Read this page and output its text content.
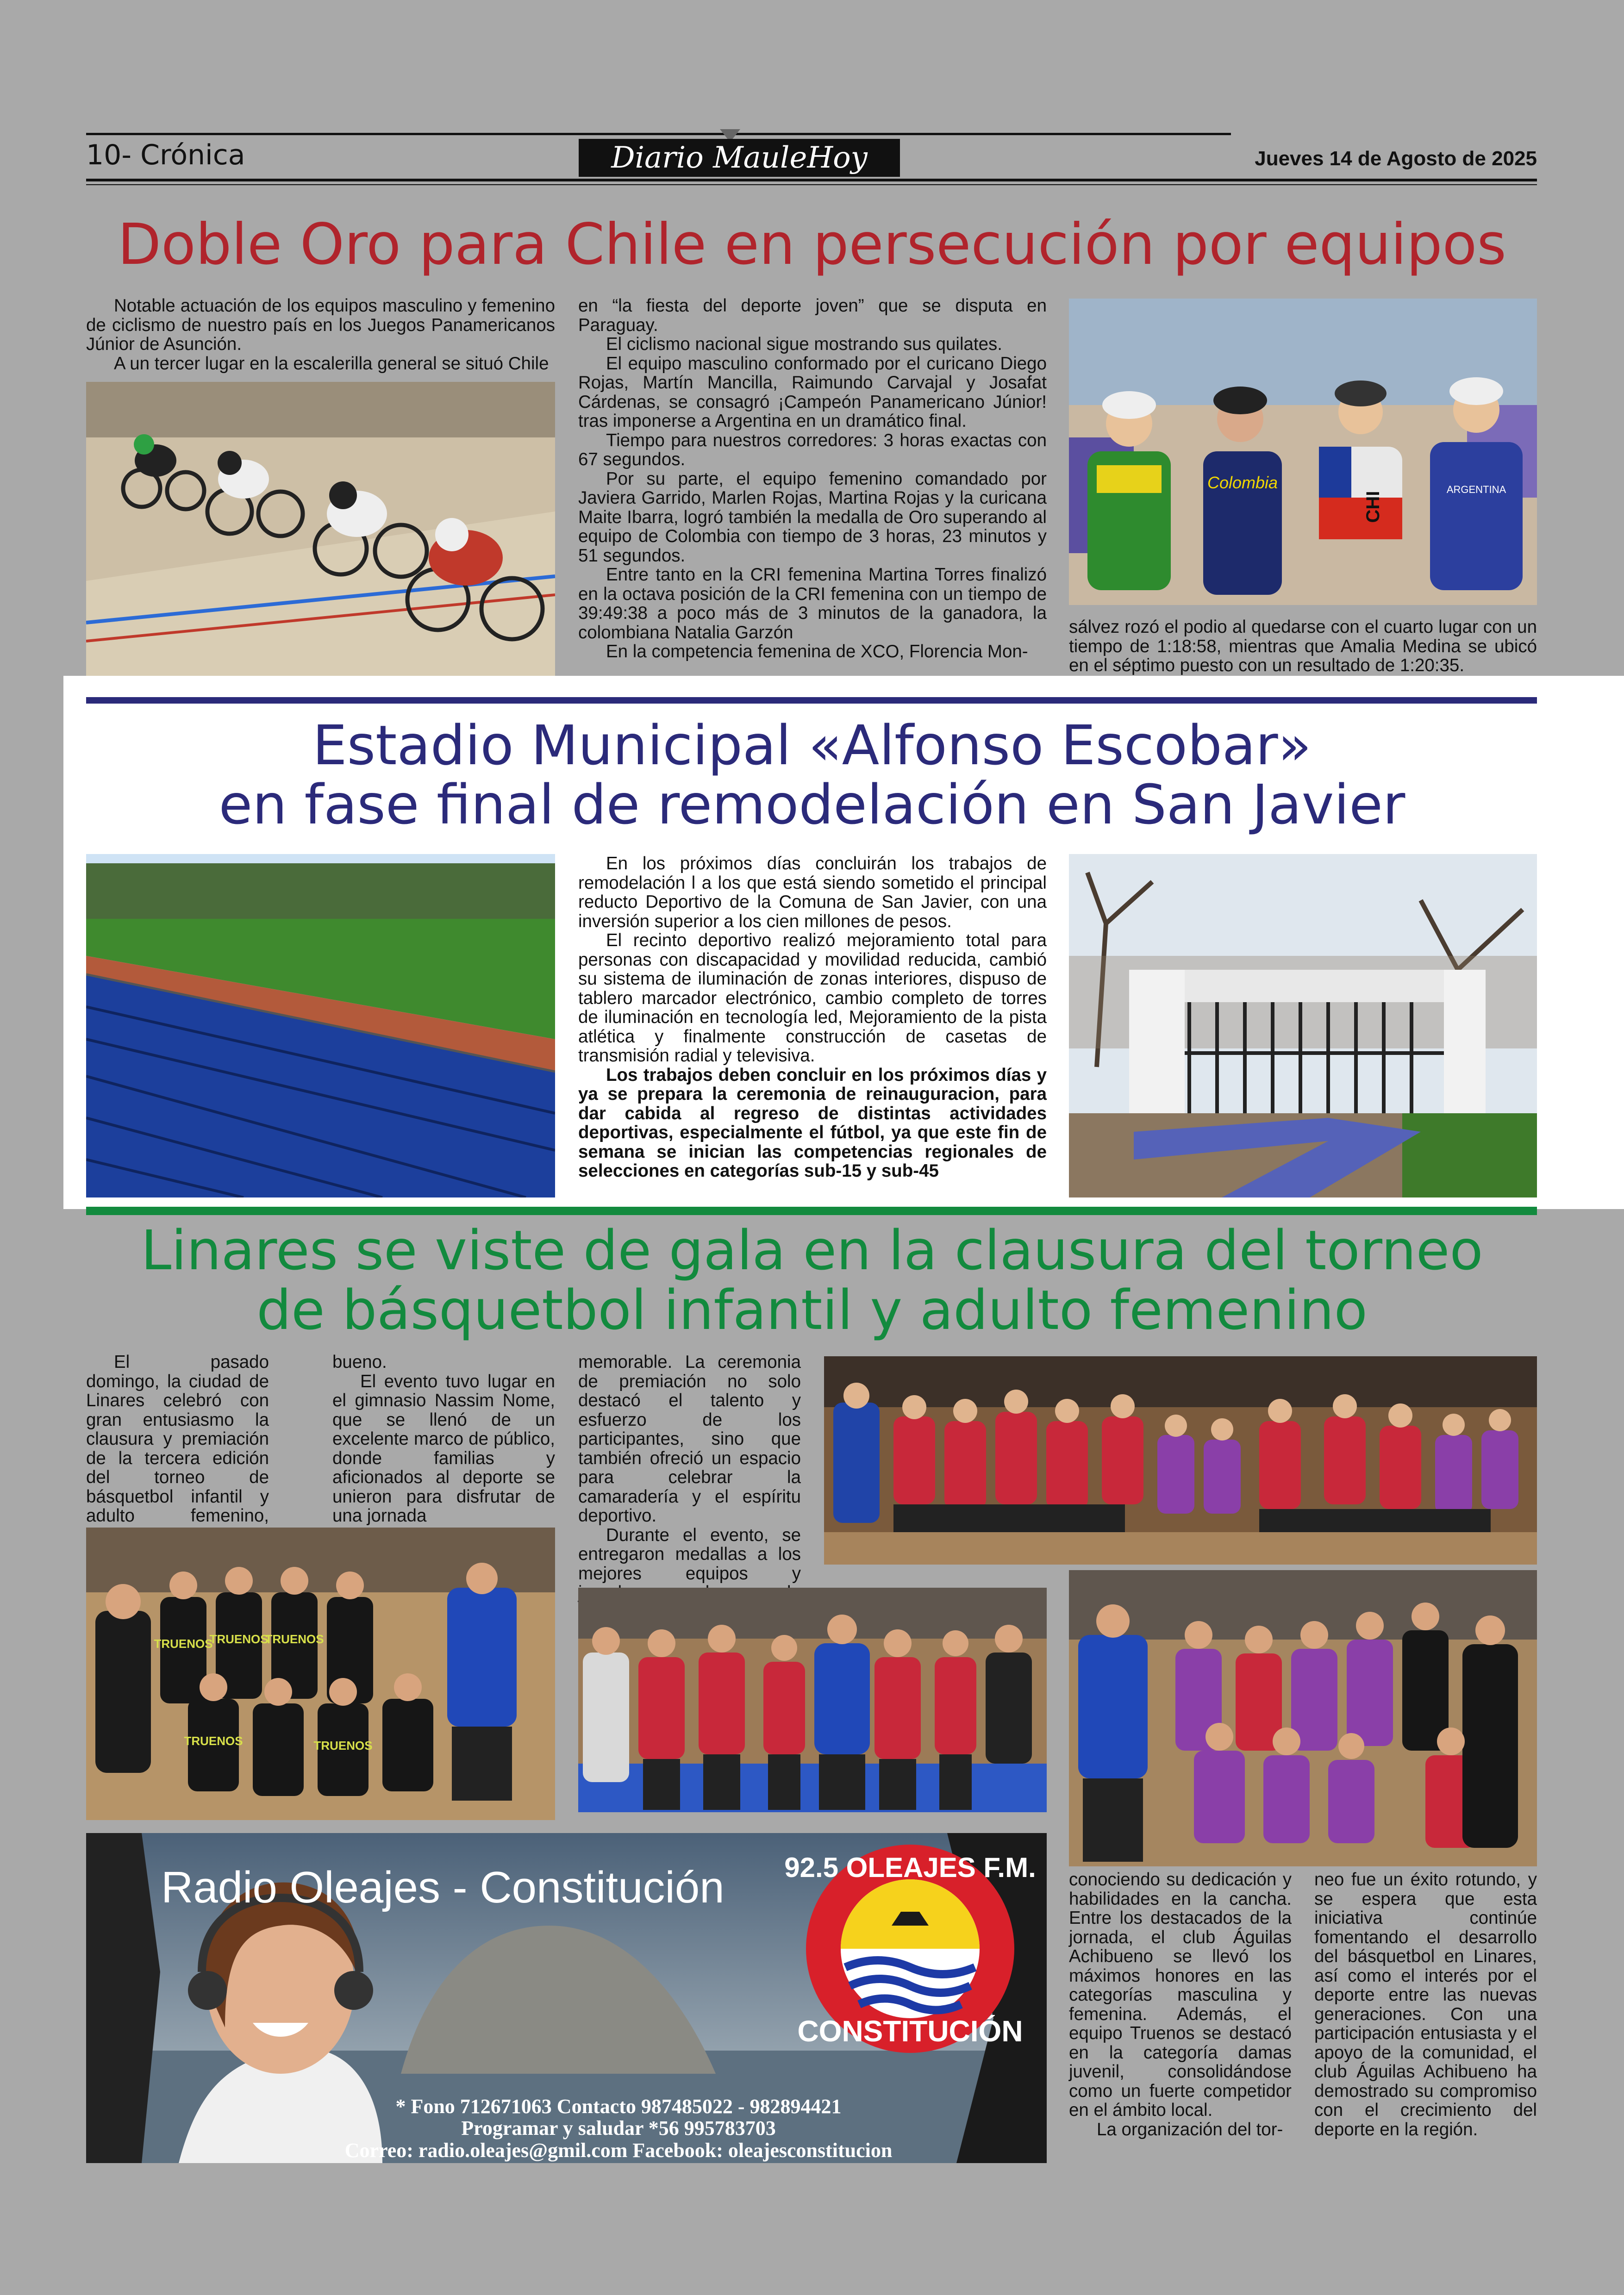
10- Crónica	Diario MauleHoy	Jueves 14 de Agosto de 2025
Doble Oro para Chile en persecución por equipos

Notable actuación de los equipos masculino y femenino de ciclismo de nuestro país en los Juegos Panamericanos Júnior de Asunción.

A un tercer lugar en la escalerilla general se situó Chile

en “la fiesta del deporte joven” que se disputa en Paraguay.

El ciclismo nacional sigue mostrando sus quilates.

El equipo masculino conformado por el curicano Diego Rojas, Martín Mancilla, Raimundo Carvajal y Josafat Cárdenas, se consagró ¡Campeón Panamericano Júnior! tras imponerse a Argentina en un dramático final.

Tiempo para nuestros corredores: 3 horas exactas con 67 segundos.

Por su parte, el equipo femenino comandado por Javiera Garrido, Marlen Rojas, Martina Rojas y la curicana Maite Ibarra, logró también la medalla de Oro superando al equipo de Colombia con tiempo de 3 horas, 23 minutos y 51 segundos.

Entre tanto en la CRI femenina Martina Torres finalizó en la octava posición de la CRI femenina con un tiempo de 39:49:38 a poco más de 3 minutos de la ganadora, la colombiana Natalia Garzón

En la competencia femenina de XCO, Florencia Mon-

Colombia
CHI
ARGENTINA

sálvez rozó el podio al quedarse con el cuarto lugar con un tiempo de 1:18:58, mientras que Amalia Medina se ubicó en el séptimo puesto con un resultado de 1:20:35.

Estadio Municipal «Alfonso Escobar»
en fase final de remodelación en San Javier

En los próximos días concluirán los trabajos de remodelación l a los que está siendo sometido el principal reducto Deportivo de la Comuna de San Javier, con una inversión superior a los cien millones de pesos.

El recinto deportivo realizó mejoramiento total para personas con discapacidad y movilidad reducida, cambió su sistema de iluminación de zonas interiores, dispuso de tablero marcador electrónico, cambio completo de torres de iluminación en tecnología led, Mejoramiento de la pista atlética y finalmente construcción de casetas de transmisión radial y televisiva.

Los trabajos deben concluir en los próximos días y ya se prepara la ceremonia de reinauguracion, para dar cabida al regreso de distintas actividades deportivas, especialmente el fútbol, ya que este fin de semana se inician las competencias regionales de selecciones en categorías sub-15 y sub-45

Linares se viste de gala en la clausura del torneo
de básquetbol infantil y adulto femenino

El pasado domingo, la ciudad de Linares celebró con gran entusiasmo la clausura y premiación de la tercera edición del torneo de básquetbol infantil y adulto femenino,

bueno.

El evento tuvo lugar en el gimnasio Nassim Nome, que se llenó de un excelente marco de público, donde familias y aficionados al deporte se unieron para disfrutar de una jornada

memorable. La ceremonia de premiación no solo destacó el talento y esfuerzo de los participantes, sino que también ofreció un espacio para celebrar la camaradería y el espíritu deportivo.

Durante el evento, se entregaron medallas a los mejores equipos y

TRUENOS
TRUENOS
TRUENOS
TRUENOS	TRUENOS
Radio Oleajes - Constitución 92.5 OLEAJES F.M.
CONSTITUCIÓN
* Fono 712671063 Contacto 987485022 - 982894421
Programar y saludar *56 995783703
Correo: radio.oleajes@gmil.com Facebook: oleajesconstitucion

conociendo su dedicación y habilidades en la cancha. Entre los destacados de la jornada, el club Águilas Achibueno se llevó los máximos honores en las categorías masculina y femenina. Además, el equipo Truenos se destacó en la categoría damas juvenil, consolidándose como un fuerte competidor en el ámbito local.

La organización del tor-

neo fue un éxito rotundo, y se espera que esta iniciativa continúe fomentando el desarrollo del básquetbol en Linares, así como el interés por el deporte entre las nuevas generaciones. Con una participación entusiasta y el apoyo de la comunidad, el club Águilas Achibueno ha demostrado su compromiso con el crecimiento del deporte en la región.
